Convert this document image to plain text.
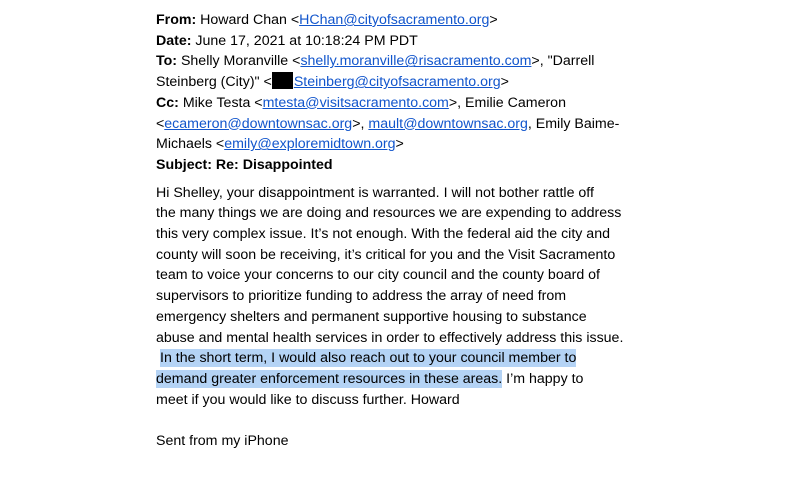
From: Howard Chan <HChan@cityofsacramento.org>
Date: June 17, 2021 at 10:18:24 PM PDT
To: Shelly Moranville <shelly.moranville@risacramento.com>, "Darrell
Steinberg (City)" < Steinberg@cityofsacramento.org>
Cc: Mike Testa <mtesta@visitsacramento.com>, Emilie Cameron
<ecameron@downtownsac.org>, mault@downtownsac.org, Emily Baime-
Michaels <emily@exploremidtown.org>
Subject: Re: Disappointed
Hi Shelley, your disappointment is warranted. I will not bother rattle off
the many things we are doing and resources we are expending to address
this very complex issue. It’s not enough. With the federal aid the city and
county will soon be receiving, it’s critical for you and the Visit Sacramento
team to voice your concerns to our city council and the county board of
supervisors to prioritize funding to address the array of need from
emergency shelters and permanent supportive housing to substance
abuse and mental health services in order to effectively address this issue.
In the short term, I would also reach out to your council member to
demand greater enforcement resources in these areas. I’m happy to
meet if you would like to discuss further. Howard
Sent from my iPhone
